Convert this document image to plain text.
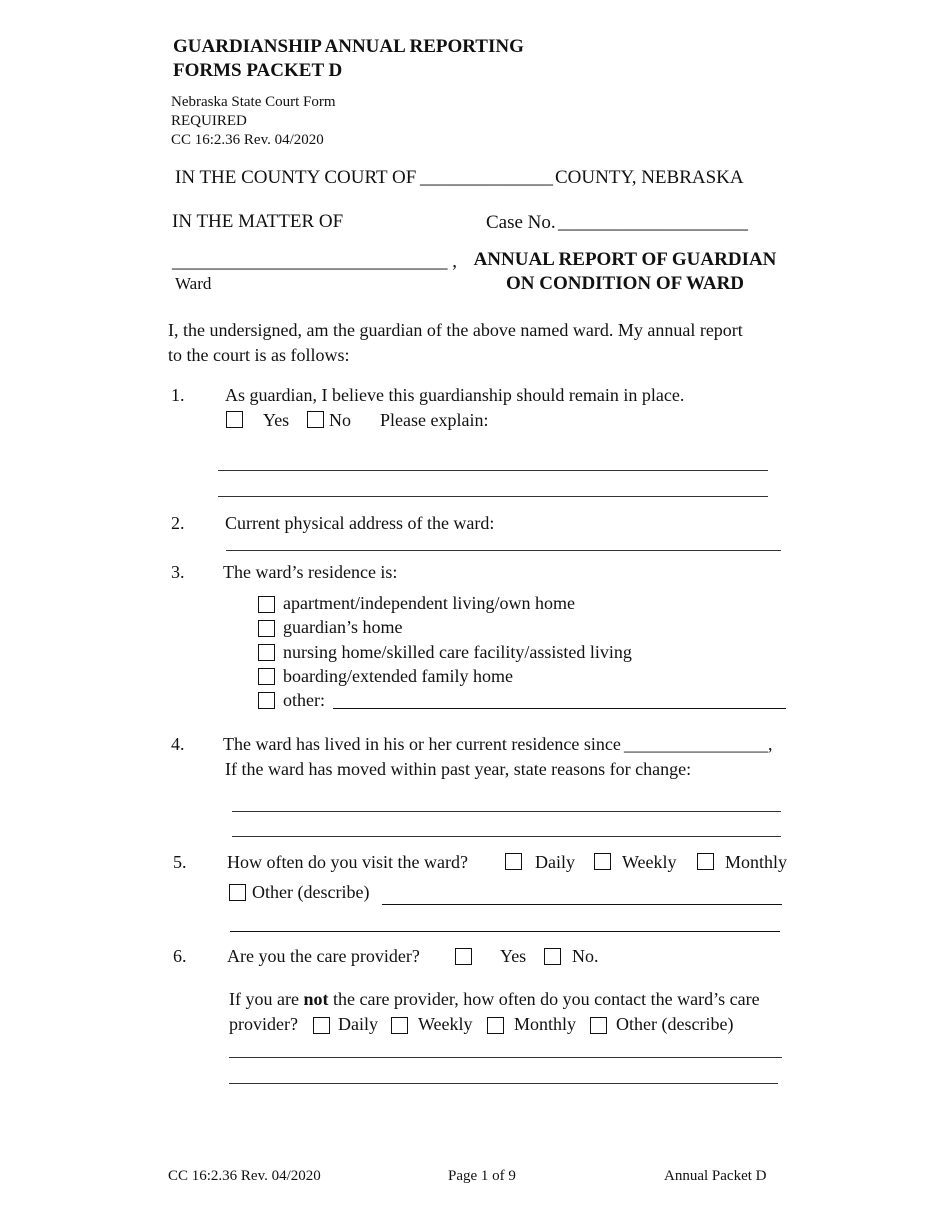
GUARDIANSHIP ANNUAL REPORTING
FORMS PACKET D
Nebraska State Court Form
REQUIRED
CC 16:2.36 Rev. 04/2020
IN THE COUNTY COURT OF ______________ COUNTY, NEBRASKA
IN THE MATTER OF	Case No. ____________________
_____________________________ ,
Ward
ANNUAL REPORT OF GUARDIAN
ON CONDITION OF WARD
I, the undersigned, am the guardian of the above named ward. My annual report
to the court is as follows:
1. As guardian, I believe this guardianship should remain in place.
Yes No Please explain:
2. Current physical address of the ward:
3. The ward’s residence is:
apartment/independent living/own home
guardian’s home
nursing home/skilled care facility/assisted living
boarding/extended family home
other:
4. The ward has lived in his or her current residence since ________________,
If the ward has moved within past year, state reasons for change:
5. How often do you visit the ward?	Daily	Weekly	Monthly
Other (describe)
6. Are you the care provider?	Yes	No.
If you are not the care provider, how often do you contact the ward’s care
provider? Daily Weekly Monthly Other (describe)
CC 16:2.36 Rev. 04/2020	Page 1 of 9	Annual Packet D
